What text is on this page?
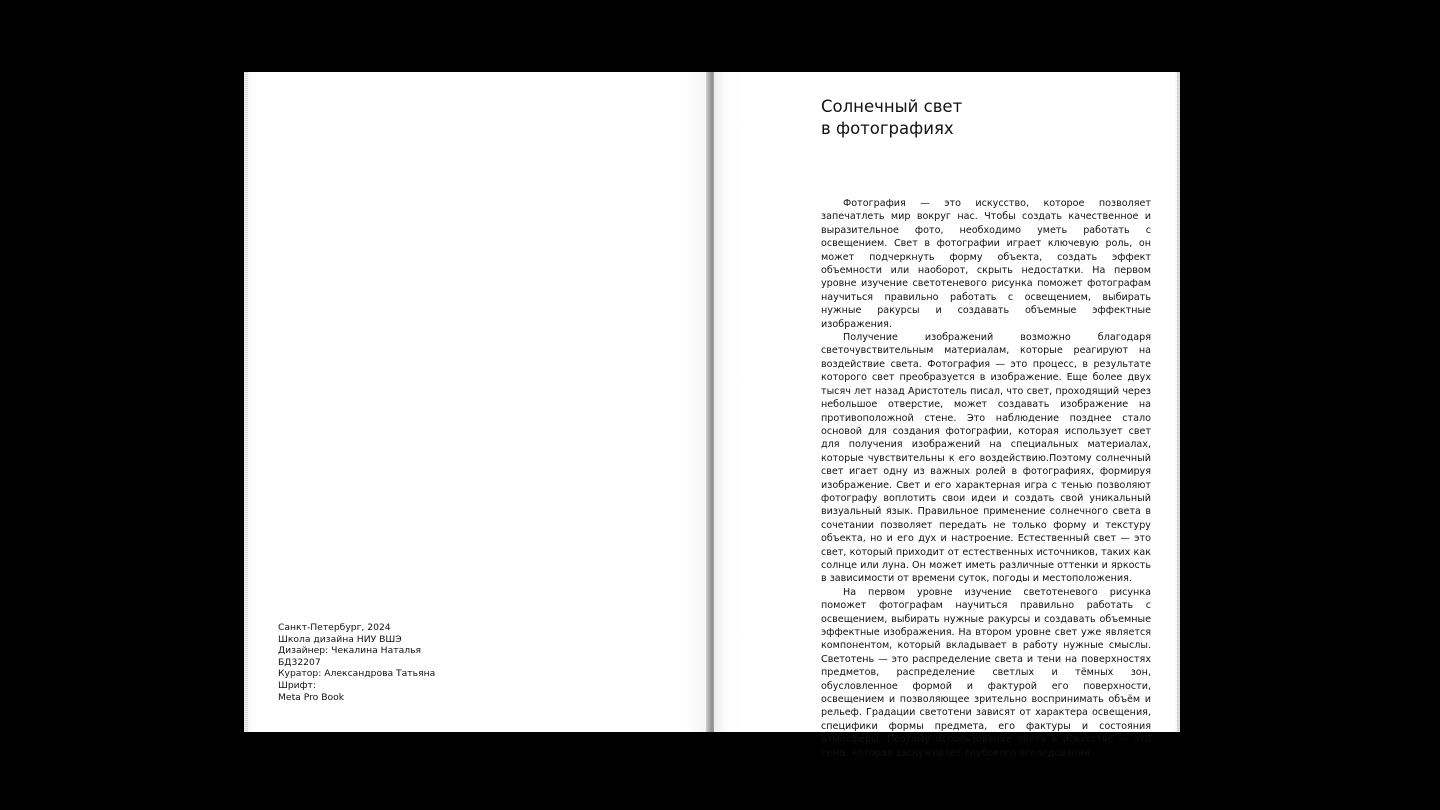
Санкт-Петербург, 2024
Школа дизайна НИУ ВШЭ
Дизайнер: Чекалина Наталья
БД32207
Куратор: Александрова Татьяна
Шрифт:
Meta Pro Book
Солнечный свет
в фотографиях

Фотография — это искусство, которое позволяет запечатлеть мир вокруг нас. Чтобы создать качественное и выразительное фото, необходимо уметь работать с освещением. Свет в фотографии играет ключевую роль, он может подчеркнуть форму объекта, создать эффект объемности или наоборот, скрыть недостатки. На первом уровне изучение светотеневого рисунка поможет фотографам научиться правильно работать с освещением, выбирать нужные ракурсы и создавать объемные эффектные изображения.

Получение изображений возможно благодаря светочувствительным материалам, которые реагируют на воздействие света. Фотография — это процесс, в результате которого свет преобразуется в изображение. Еще более двух тысяч лет назад Аристотель писал, что свет, проходящий через небольшое отверстие, может создавать изображение на противоположной стене. Это наблюдение позднее стало основой для создания фотографии, которая использует свет для получения изображений на специальных материалах, которые чувствительны к его воздействию.Поэтому солнечный свет игает одну из важных ролей в фотографиях, формируя изображение. Свет и его характерная игра с тенью позволяют фотографу воплотить свои идеи и создать свой уникальный визуальный язык. Правильное применение солнечного света в сочетании позволяет передать не только форму и текстуру объекта, но и его дух и настроение. Естественный свет — это свет, который приходит от естественных источников, таких как солнце или луна. Он может иметь различные оттенки и яркость в зависимости от времени суток, погоды и местоположения.

На первом уровне изучение светотеневого рисунка поможет фотографам научиться правильно работать с освещением, выбирать нужные ракурсы и создавать объемные эффектные изображения. На втором уровне свет уже является компонентом, который вкладывает в работу нужные смыслы. Светотень — это распределение света и тени на поверхностях предметов, распределение светлых и тёмных зон, обусловленное формой и фактурой его поверхности, освещением и позволяющее зрительно воспринимать объём и рельеф. Градации светотени зависят от характера освещения, специфики формы предмета, его фактуры и состояния атмосферы. Поэтому использование света в искусстве — это тема, которая заслуживает глубокого исследования.
